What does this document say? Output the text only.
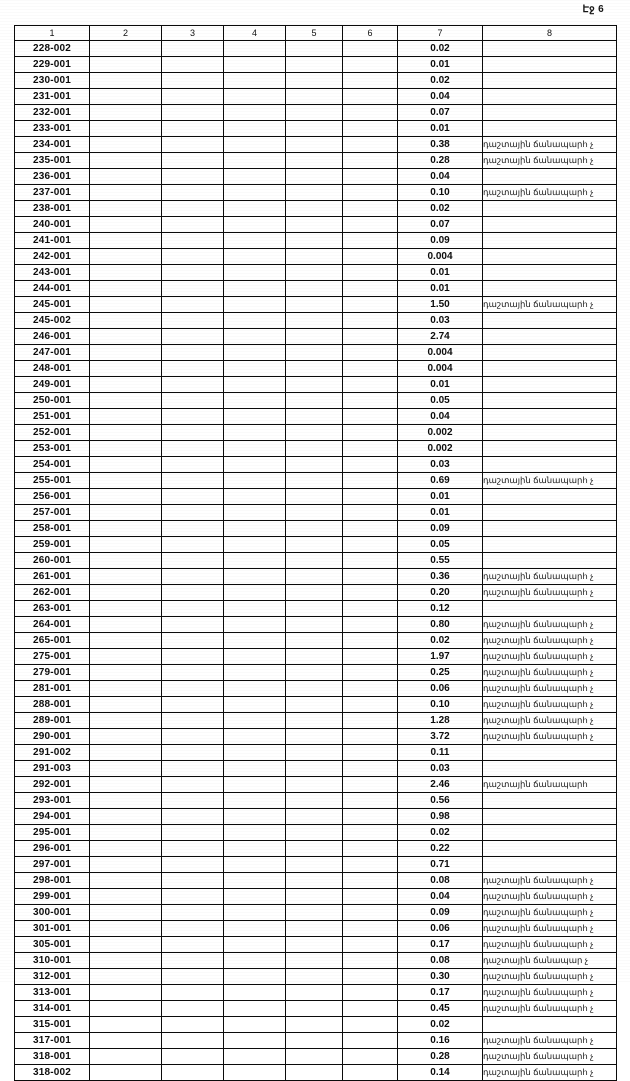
Էջ 6
1	2	3	4	5	6	7	8
228-002						0.02	

229-001						0.01	

230-001						0.02	

231-001						0.04	

232-001						0.07	

233-001						0.01	

234-001						0.38	դաշտային ճանապարհ չ

235-001						0.28	դաշտային ճանապարհ չ

236-001						0.04	

237-001						0.10	դաշտային ճանապարհ չ

238-001						0.02	

240-001						0.07	

241-001						0.09	

242-001						0.004	

243-001						0.01	

244-001						0.01	

245-001						1.50	դաշտային ճանապարհ չ

245-002						0.03	

246-001						2.74	

247-001						0.004	

248-001						0.004	

249-001						0.01	

250-001						0.05	

251-001						0.04	

252-001						0.002	

253-001						0.002	

254-001						0.03	

255-001						0.69	դաշտային ճանապարհ չ

256-001						0.01	

257-001						0.01	

258-001						0.09	

259-001						0.05	

260-001						0.55	

261-001						0.36	դաշտային ճանապարհ չ

262-001						0.20	դաշտային ճանապարհ չ

263-001						0.12	

264-001						0.80	դաշտային ճանապարհ չ

265-001						0.02	դաշտային ճանապարհ չ

275-001						1.97	դաշտային ճանապարհ չ

279-001						0.25	դաշտային ճանապարհ չ

281-001						0.06	դաշտային ճանապարհ չ

288-001						0.10	դաշտային ճանապարհ չ

289-001						1.28	դաշտային ճանապարհ չ

290-001						3.72	դաշտային ճանապարհ չ

291-002						0.11	

291-003						0.03	

292-001						2.46	դաշտային ճանապարհ

293-001						0.56	

294-001						0.98	

295-001						0.02	

296-001						0.22	

297-001						0.71	

298-001						0.08	դաշտային ճանապարհ չ

299-001						0.04	դաշտային ճանապարհ չ

300-001						0.09	դաշտային ճանապարհ չ

301-001						0.06	դաշտային ճանապարհ չ

305-001						0.17	դաշտային ճանապարհ չ

310-001						0.08	դաշտային ճանապար չ

312-001						0.30	դաշտային ճանապարհ չ

313-001						0.17	դաշտային ճանապարհ չ

314-001						0.45	դաշտային ճանապարհ չ

315-001						0.02	

317-001						0.16	դաշտային ճանապարհ չ

318-001						0.28	դաշտային ճանապարհ չ

318-002						0.14	դաշտային ճանապարհ չ
